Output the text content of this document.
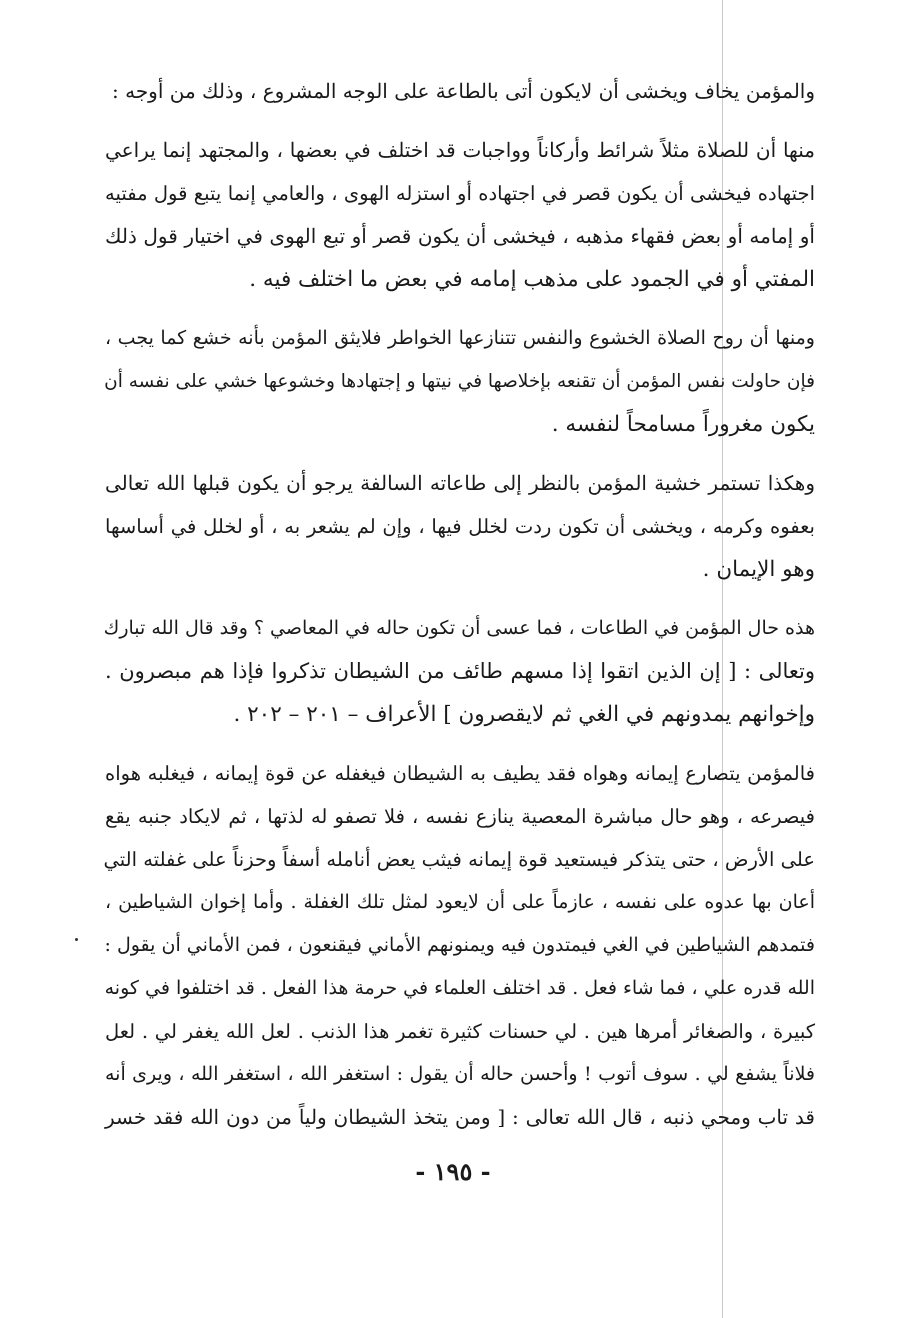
والمؤمن يخاف ويخشى أن لايكون أتى بالطاعة على الوجه المشروع ، وذلك من أوجه :
منها أن للصلاة مثلاً شرائط وأركاناً وواجبات قد اختلف في بعضها ، والمجتهد إنما يراعي
اجتهاده فيخشى أن يكون قصر في اجتهاده أو استزله الهوى ، والعامي إنما يتبع قول مفتيه
أو إمامه أو بعض فقهاء مذهبه ، فيخشى أن يكون قصر أو تبع الهوى في اختيار قول ذلك
المفتي أو في الجمود على مذهب إمامه في بعض ما اختلف فيه .
ومنها أن روح الصلاة الخشوع والنفس تتنازعها الخواطر فلايثق المؤمن بأنه خشع كما يجب ،
فإن حاولت نفس المؤمن أن تقنعه بإخلاصها في نيتها و إجتهادها وخشوعها خشي على نفسه أن
يكون مغروراً مسامحاً لنفسه .
وهكذا تستمر خشية المؤمن بالنظر إلى طاعاته السالفة يرجو أن يكون قبلها الله تعالى
بعفوه وكرمه ، ويخشى أن تكون ردت لخلل فيها ، وإن لم يشعر به ، أو لخلل في أساسها
وهو الإيمان .
هذه حال المؤمن في الطاعات ، فما عسى أن تكون حاله في المعاصي ؟ وقد قال الله تبارك
وتعالى : [ إن الذين اتقوا إذا مسهم طائف من الشيطان تذكروا فإذا هم مبصرون .
وإخوانهم يمدونهم في الغي ثم لايقصرون ] الأعراف – ٢٠١ – ٢٠٢ .
فالمؤمن يتصارع إيمانه وهواه فقد يطيف به الشيطان فيغفله عن قوة إيمانه ، فيغلبه هواه
فيصرعه ، وهو حال مباشرة المعصية ينازع نفسه ، فلا تصفو له لذتها ، ثم لايكاد جنبه يقع
على الأرض ، حتى يتذكر فيستعيد قوة إيمانه فيثب يعض أنامله أسفاً وحزناً على غفلته التي
أعان بها عدوه على نفسه ، عازماً على أن لايعود لمثل تلك الغفلة . وأما إخوان الشياطين ،
فتمدهم الشياطين في الغي فيمتدون فيه ويمنونهم الأماني فيقنعون ، فمن الأماني أن يقول :
الله قدره علي ، فما شاء فعل . قد اختلف العلماء في حرمة هذا الفعل . قد اختلفوا في كونه
كبيرة ، والصغائر أمرها هين . لي حسنات كثيرة تغمر هذا الذنب . لعل الله يغفر لي . لعل
فلاناً يشفع لي . سوف أتوب ! وأحسن حاله أن يقول : استغفر الله ، استغفر الله ، ويرى أنه
قد تاب ومحي ذنبه ، قال الله تعالى : [ ومن يتخذ الشيطان ولياً من دون الله فقد خسر
- ١٩٥ -
